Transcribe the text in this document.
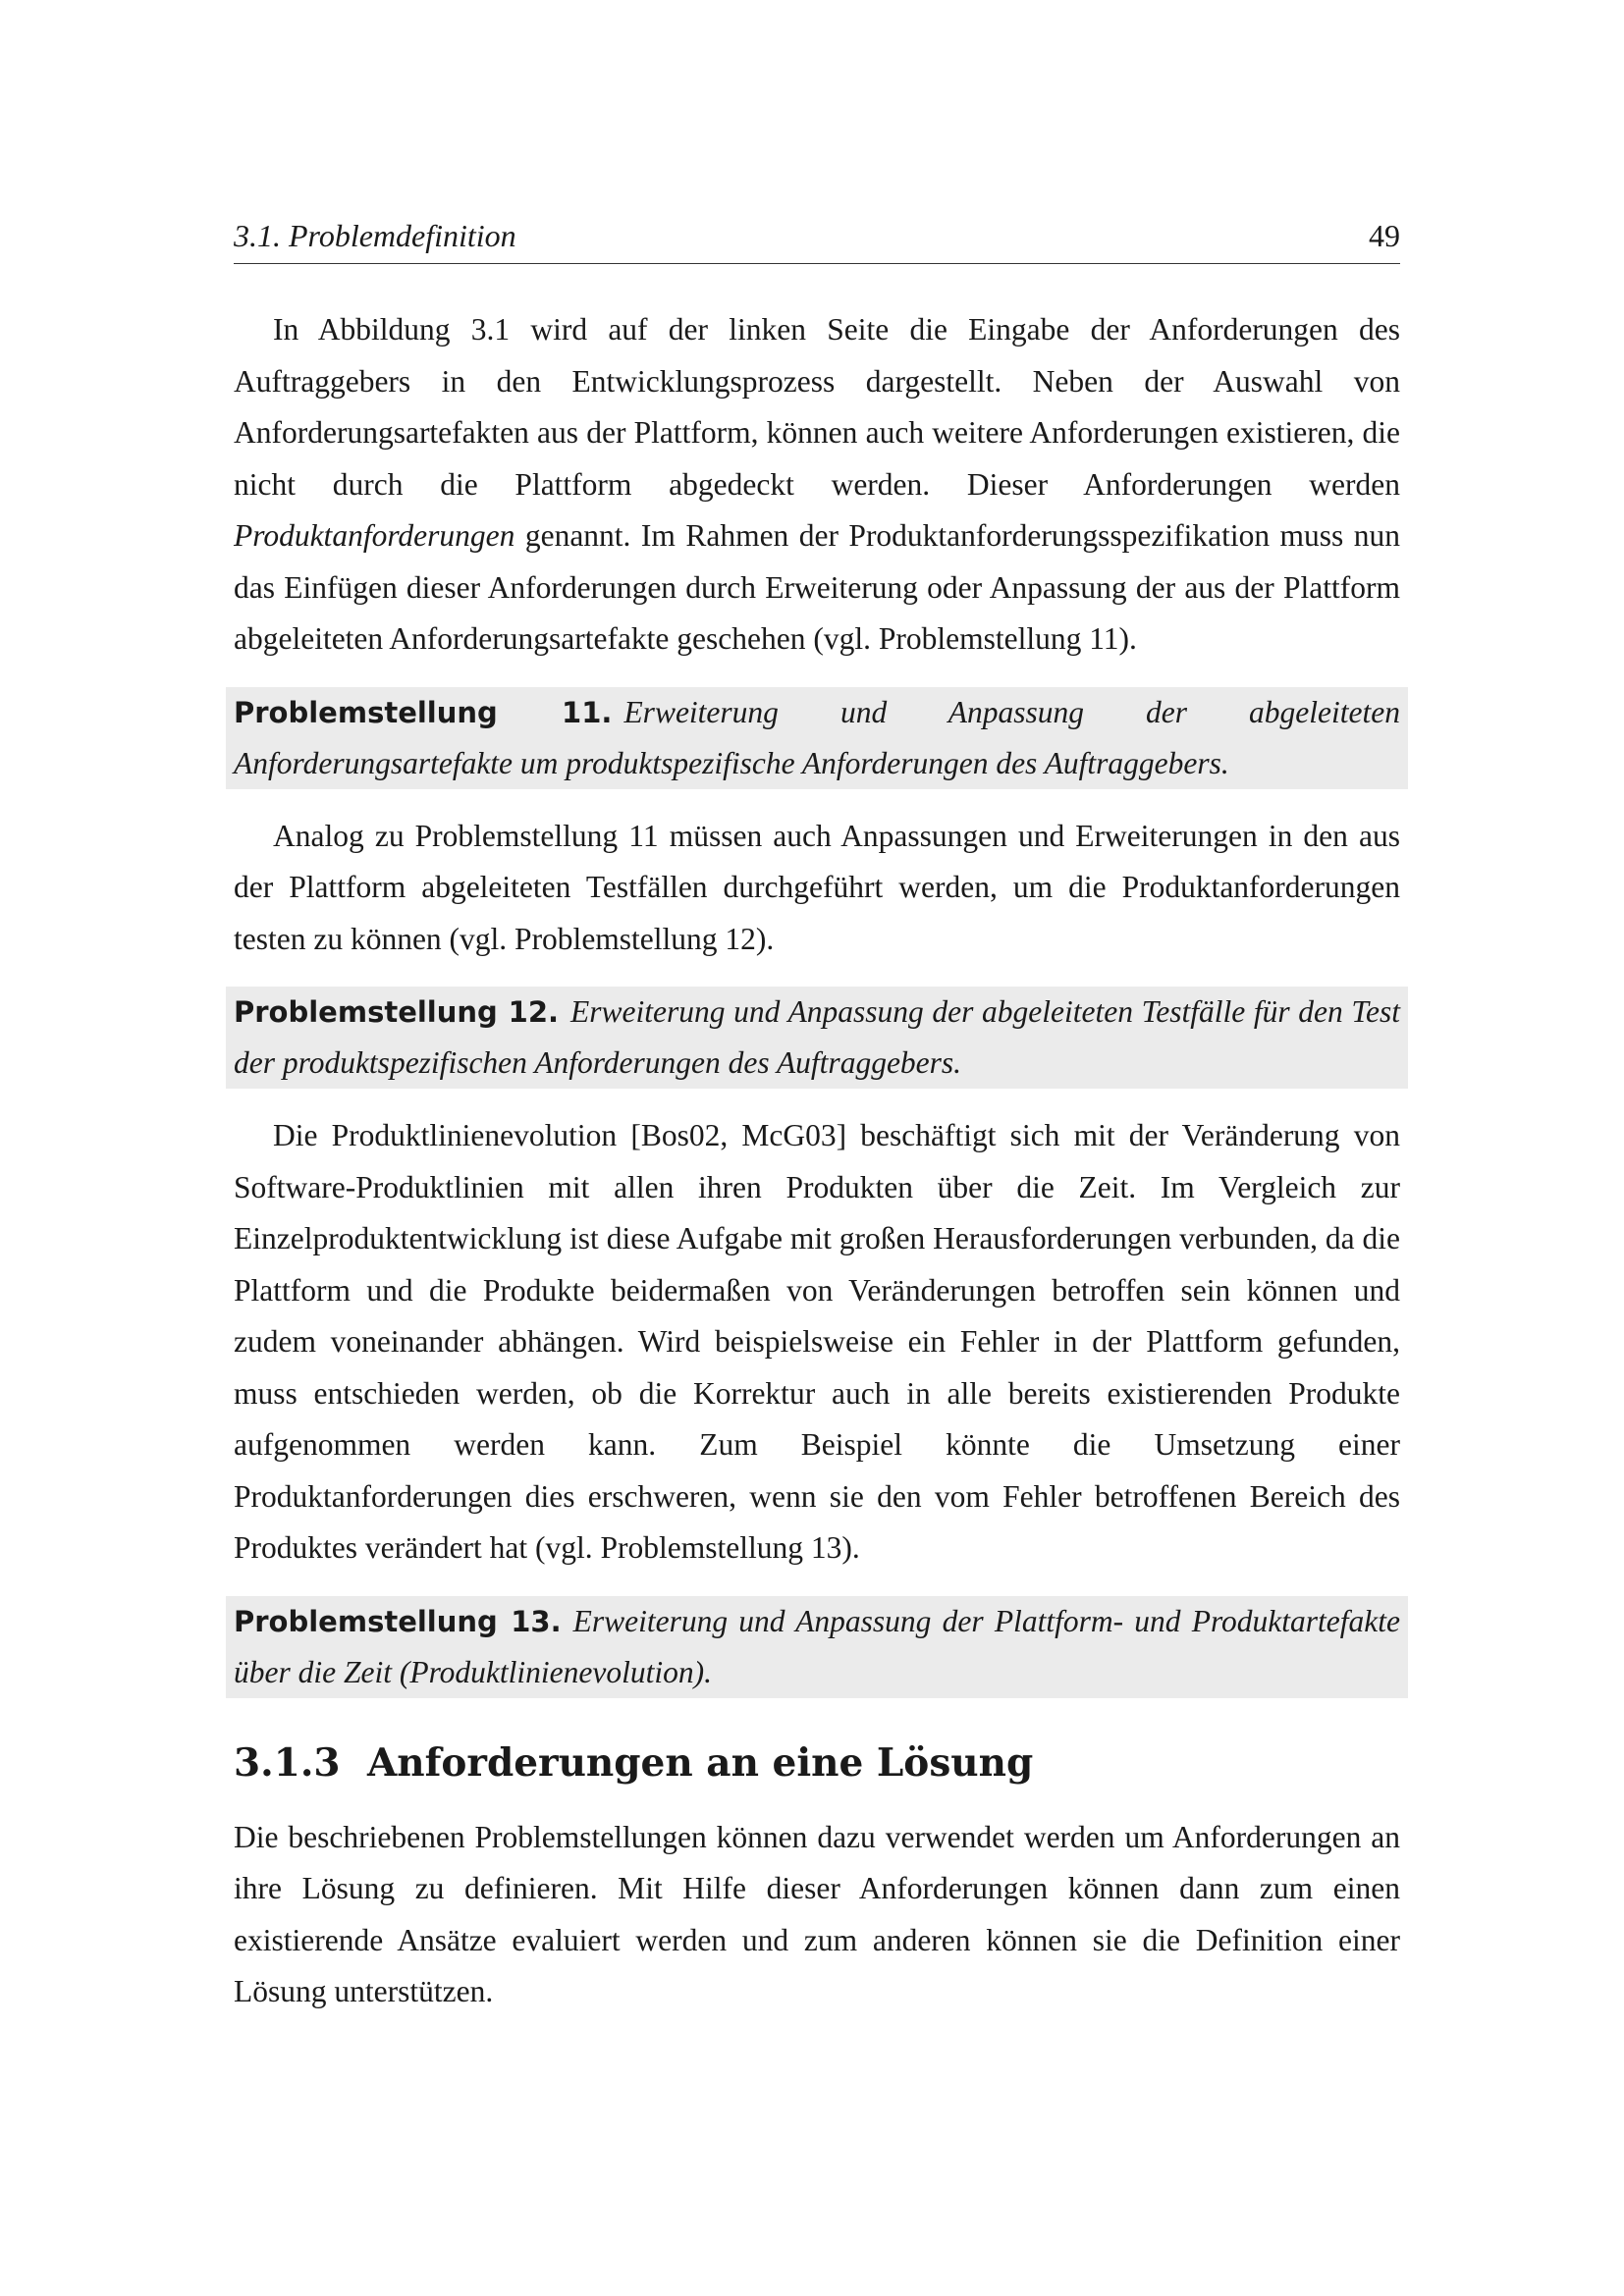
3.1. Problemdefinition	49

In Abbildung 3.1 wird auf der linken Seite die Eingabe der Anforderungen des Auftraggebers in den Entwicklungsprozess dargestellt. Neben der Auswahl von Anforderungsartefakten aus der Plattform, können auch weitere Anforderungen existieren, die nicht durch die Plattform abgedeckt werden. Dieser Anforderungen werden Produktanforderungen genannt. Im Rahmen der Produktanforderungsspezifikation muss nun das Einfügen dieser Anforderungen durch Erweiterung oder Anpassung der aus der Plattform abgeleiteten Anforderungsartefakte geschehen (vgl. Problemstellung 11).

Problemstellung 11. Erweiterung und Anpassung der abgeleiteten Anforderungsartefakte um produktspezifische Anforderungen des Auftraggebers.

Analog zu Problemstellung 11 müssen auch Anpassungen und Erweiterungen in den aus der Plattform abgeleiteten Testfällen durchgeführt werden, um die Produktanforderungen testen zu können (vgl. Problemstellung 12).

Problemstellung 12. Erweiterung und Anpassung der abgeleiteten Testfälle für den Test der produktspezifischen Anforderungen des Auftraggebers.

Die Produktlinienevolution [Bos02, McG03] beschäftigt sich mit der Veränderung von Software-Produktlinien mit allen ihren Produkten über die Zeit. Im Vergleich zur Einzelproduktentwicklung ist diese Aufgabe mit großen Herausforderungen verbunden, da die Plattform und die Produkte beidermaßen von Veränderungen betroffen sein können und zudem voneinander abhängen. Wird beispielsweise ein Fehler in der Plattform gefunden, muss entschieden werden, ob die Korrektur auch in alle bereits existierenden Produkte aufgenommen werden kann. Zum Beispiel könnte die Umsetzung einer Produktanforderungen dies erschweren, wenn sie den vom Fehler betroffenen Bereich des Produktes verändert hat (vgl. Problemstellung 13).

Problemstellung 13. Erweiterung und Anpassung der Plattform- und Produktartefakte über die Zeit (Produktlinienevolution).
3.1.3 Anforderungen an eine Lösung

Die beschriebenen Problemstellungen können dazu verwendet werden um Anforderungen an ihre Lösung zu definieren. Mit Hilfe dieser Anforderungen können dann zum einen existierende Ansätze evaluiert werden und zum anderen können sie die Definition einer Lösung unterstützen.
